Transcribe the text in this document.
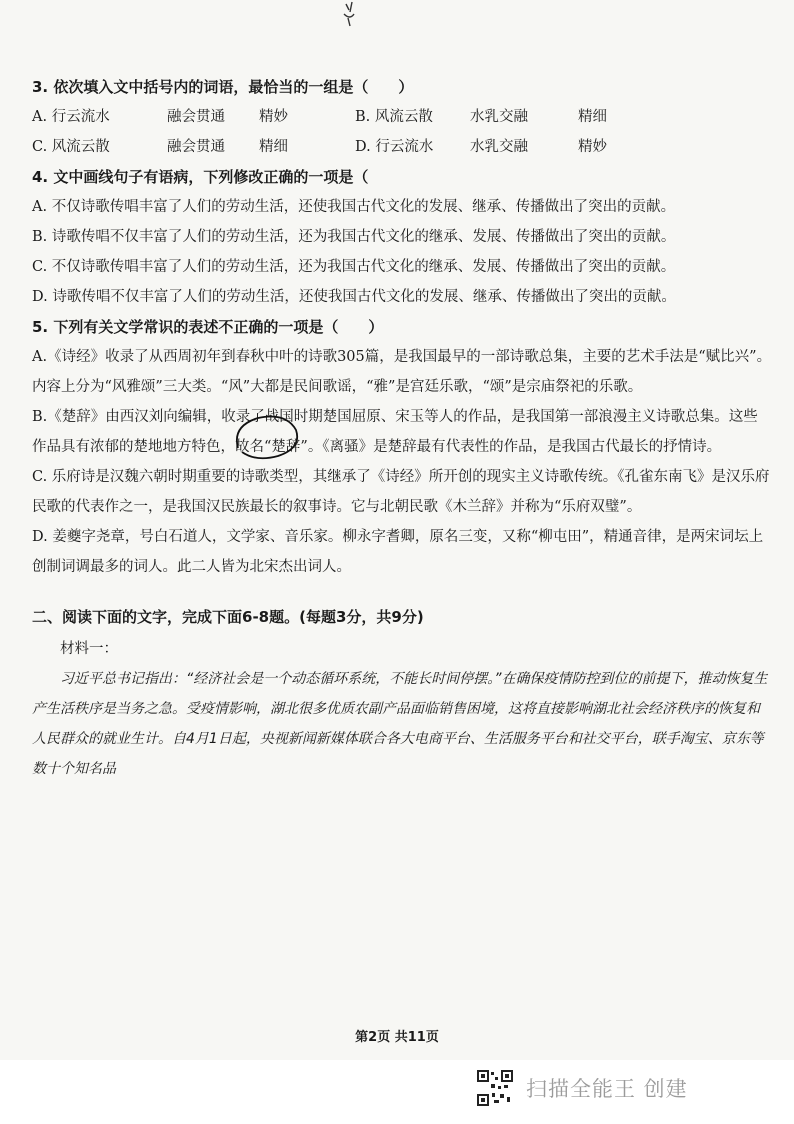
3. 依次填入文中括号内的词语，最恰当的一组是（　　）

A. 行云流水	融会贯通	精妙	B. 风流云散	水乳交融	精细
C. 风流云散	融会贯通	精细	D. 行云流水	水乳交融	精妙

4. 文中画线句子有语病，下列修改正确的一项是（

A. 不仅诗歌传唱丰富了人们的劳动生活，还使我国古代文化的发展、继承、传播做出了突出的贡献。

B. 诗歌传唱不仅丰富了人们的劳动生活，还为我国古代文化的继承、发展、传播做出了突出的贡献。

C. 不仅诗歌传唱丰富了人们的劳动生活，还为我国古代文化的继承、发展、传播做出了突出的贡献。

D. 诗歌传唱不仅丰富了人们的劳动生活，还使我国古代文化的发展、继承、传播做出了突出的贡献。

5. 下列有关文学常识的表述不正确的一项是（　　）

A.《诗经》收录了从西周初年到春秋中叶的诗歌305篇，是我国最早的一部诗歌总集，主要的艺术手法是“赋比兴”。内容上分为“风雅颂”三大类。“风”大都是民间歌谣，“雅”是宫廷乐歌，“颂”是宗庙祭祀的乐歌。

B.《楚辞》由西汉刘向编辑，收录了战国时期楚国屈原、宋玉等人的作品，是我国第一部浪漫主义诗歌总集。这些作品具有浓郁的楚地地方特色，故名“楚辞”。《离骚》是楚辞最有代表性的作品，是我国古代最长的抒情诗。

C. 乐府诗是汉魏六朝时期重要的诗歌类型，其继承了《诗经》所开创的现实主义诗歌传统。《孔雀东南飞》是汉乐府民歌的代表作之一，是我国汉民族最长的叙事诗。它与北朝民歌《木兰辞》并称为“乐府双璧”。

D. 姜夔字尧章，号白石道人，文学家、音乐家。柳永字耆卿，原名三变，又称“柳屯田”，精通音律，是两宋词坛上创制词调最多的词人。此二人皆为北宋杰出词人。

二、阅读下面的文字，完成下面6-8题。(每题3分，共9分)

材料一：

习近平总书记指出：“经济社会是一个动态循环系统，不能长时间停摆。”在确保疫情防控到位的前提下，推动恢复生产生活秩序是当务之急。受疫情影响，湖北很多优质农副产品面临销售困境，这将直接影响湖北社会经济秩序的恢复和人民群众的就业生计。自4月1日起，央视新闻新媒体联合各大电商平台、生活服务平台和社交平台，联手淘宝、京东等数十个知名品

第2页 共11页
扫描全能王 创建
